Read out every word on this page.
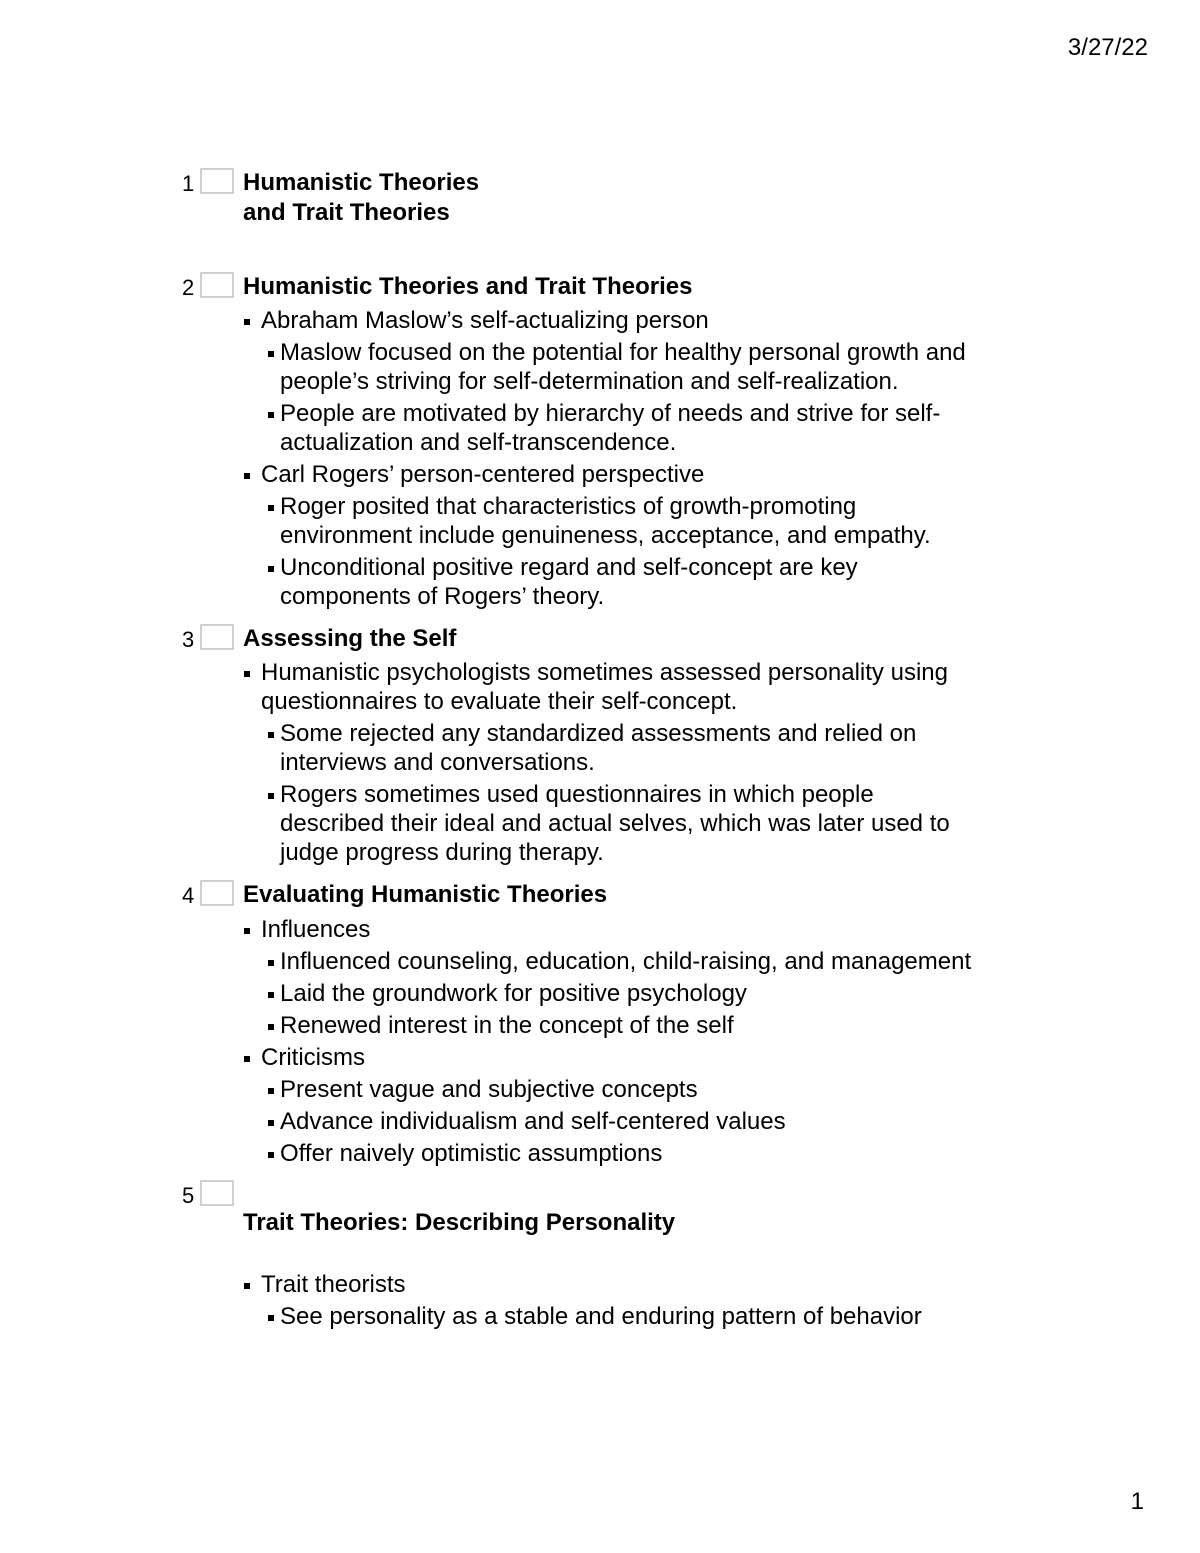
3/27/22
1 Humanistic Theories
and Trait Theories
2 Humanistic Theories and Trait Theories
Abraham Maslow’s self-actualizing person
Maslow focused on the potential for healthy personal growth and
people’s striving for self-determination and self-realization.
People are motivated by hierarchy of needs and strive for self-
actualization and self-transcendence.
Carl Rogers’ person-centered perspective
Roger posited that characteristics of growth-promoting
environment include genuineness, acceptance, and empathy.
Unconditional positive regard and self-concept are key
components of Rogers’ theory.
3 Assessing the Self
Humanistic psychologists sometimes assessed personality using
questionnaires to evaluate their self-concept.
Some rejected any standardized assessments and relied on
interviews and conversations.
Rogers sometimes used questionnaires in which people
described their ideal and actual selves, which was later used to
judge progress during therapy.
4 Evaluating Humanistic Theories
Influences
Influenced counseling, education, child-raising, and management
Laid the groundwork for positive psychology
Renewed interest in the concept of the self
Criticisms
Present vague and subjective concepts
Advance individualism and self-centered values
Offer naively optimistic assumptions
5
Trait Theories: Describing Personality
Trait theorists
See personality as a stable and enduring pattern of behavior
1
